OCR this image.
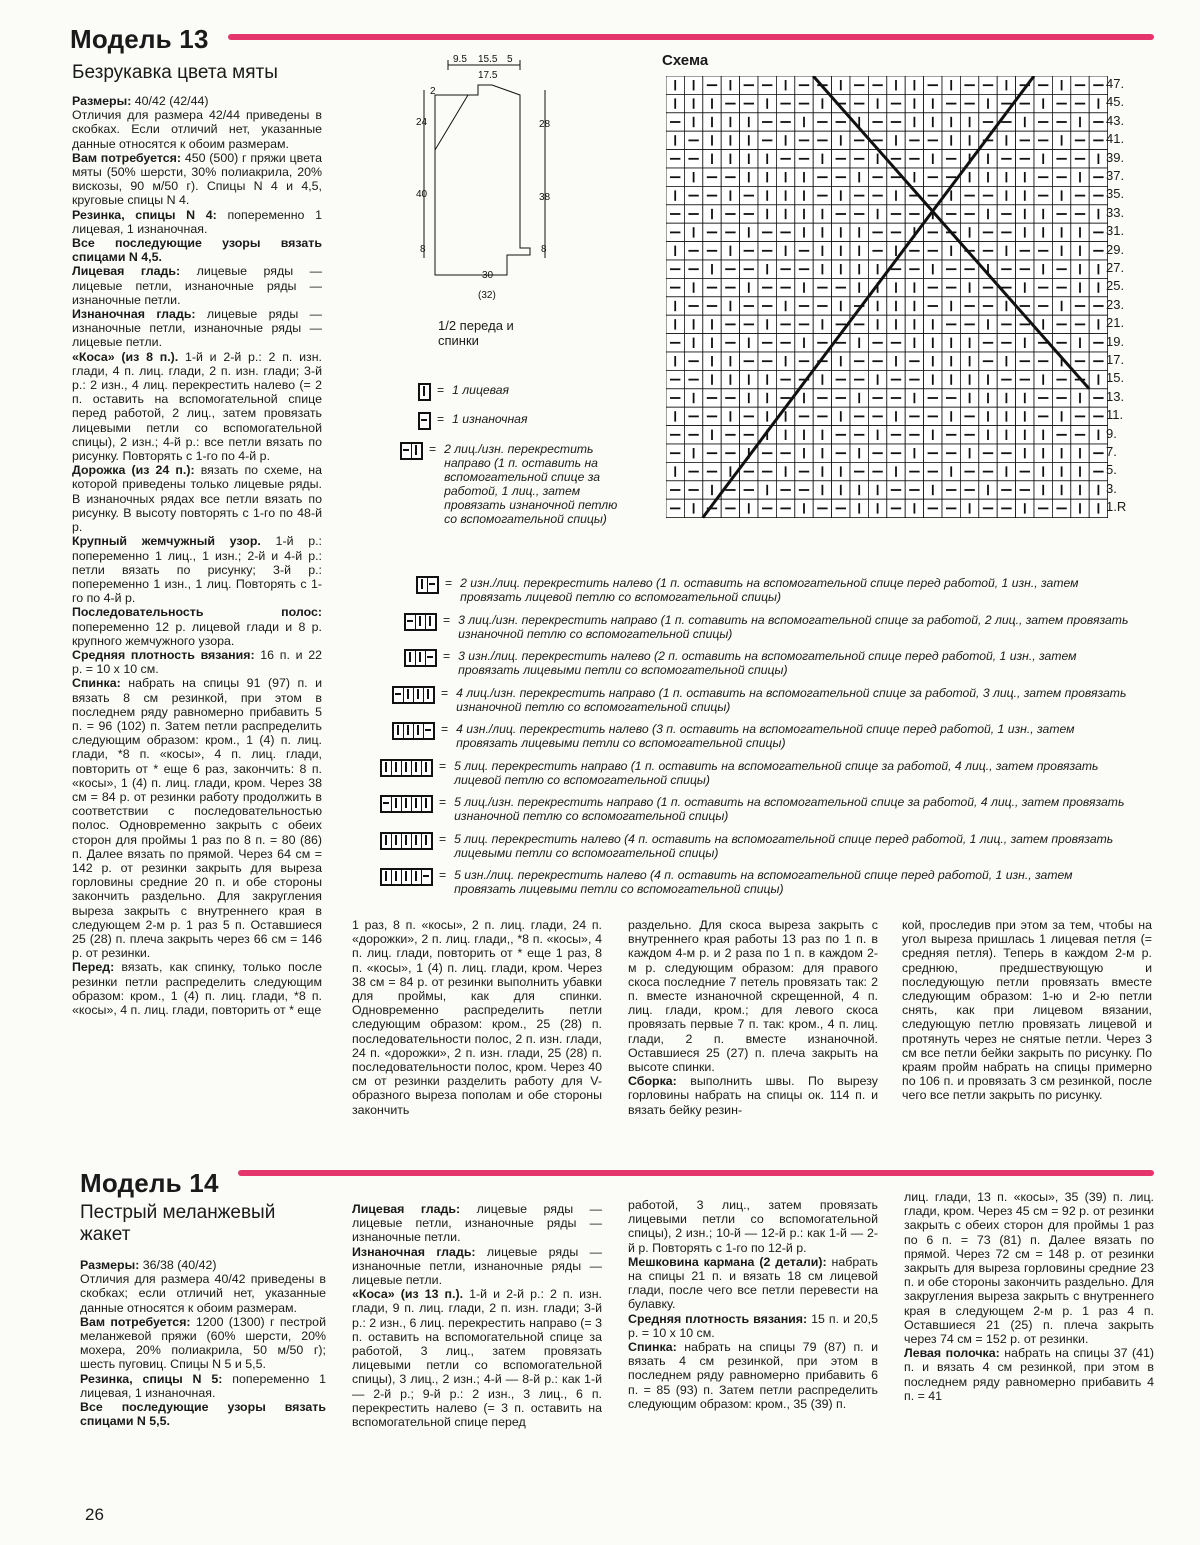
Модель 13
Безрукавка цвета мяты

Размеры: 40/42 (42/44)

Отличия для размера 42/44 приведены в скобках. Если отличий нет, указанные данные относятся к обоим размерам.

Вам потребуется: 450 (500) г пряжи цвета мяты (50% шерсти, 30% полиакрила, 20% вискозы, 90 м/50 г). Спицы N 4 и 4,5, круговые спицы N 4.

Резинка, спицы N 4: попеременно 1 лицевая, 1 изнаночная.

Все последующие узоры вязать спицами N 4,5.

Лицевая гладь: лицевые ряды — лицевые петли, изнаночные ряды — изнаночные петли.

Изнаночная гладь: лицевые ряды — изнаночные петли, изнаночные ряды — лицевые петли.

«Коса» (из 8 п.). 1-й и 2-й р.: 2 п. изн. глади, 4 п. лиц. глади, 2 п. изн. глади; 3-й р.: 2 изн., 4 лиц. перекрестить налево (= 2 п. оставить на вспомогательной спице перед работой, 2 лиц., затем провязать лицевыми петли со вспомогательной спицы), 2 изн.; 4-й р.: все петли вязать по рисунку. Повторять с 1-го по 4-й р.

Дорожка (из 24 п.): вязать по схеме, на которой приведены только лицевые ряды. В изнаночных рядах все петли вязать по рисунку. В высоту повторять с 1-го по 48-й р.

Крупный жемчужный узор. 1-й р.: попеременно 1 лиц., 1 изн.; 2-й и 4-й р.: петли вязать по рисунку; 3-й р.: попеременно 1 изн., 1 лиц. Повторять с 1-го по 4-й р.

Последовательность полос: попеременно 12 р. лицевой глади и 8 р. крупного жемчужного узора.

Средняя плотность вязания: 16 п. и 22 р. = 10 х 10 см.

Спинка: набрать на спицы 91 (97) п. и вязать 8 см резинкой, при этом в последнем ряду равномерно прибавить 5 п. = 96 (102) п. Затем петли распределить следующим образом: кром., 1 (4) п. лиц. глади, *8 п. «косы», 4 п. лиц. глади, повторить от * еще 6 раз, закончить: 8 п. «косы», 1 (4) п. лиц. глади, кром. Через 38 см = 84 р. от резинки работу продолжить в соответствии с последовательностью полос. Одновременно закрыть с обеих сторон для проймы 1 раз по 8 п. = 80 (86) п. Далее вязать по прямой. Через 64 см = 142 р. от резинки закрыть для выреза горловины средние 20 п. и обе стороны закончить раздельно. Для закругления выреза закрыть с внутреннего края в следующем 2-м р. 1 раз 5 п. Оставшиеся 25 (28) п. плеча закрыть через 66 см = 146 р. от резинки.

Перед: вязать, как спинку, только после резинки петли распределить следующим образом: кром., 1 (4) п. лиц. глади, *8 п. «косы», 4 п. лиц. глади, повторить от * еще

1 раз, 8 п. «косы», 2 п. лиц. глади, 24 п. «дорожки», 2 п. лиц. глади,, *8 п. «косы», 4 п. лиц. глади, повторить от * еще 1 раз, 8 п. «косы», 1 (4) п. лиц. глади, кром. Через 38 см = 84 р. от резинки выполнить убавки для проймы, как для спинки. Одновременно распределить петли следующим образом: кром., 25 (28) п. последовательности полос, 2 п. изн. глади, 24 п. «дорожки», 2 п. изн. глади, 25 (28) п. последовательности полос, кром. Через 40 см от резинки разделить работу для V-образного выреза пополам и обе стороны закончить

раздельно. Для скоса выреза закрыть с внутреннего края работы 13 раз по 1 п. в каждом 4-м р. и 2 раза по 1 п. в каждом 2-м р. следующим образом: для правого скоса последние 7 петель провязать так: 2 п. вместе изнаночной скрещенной, 4 п. лиц. глади, кром.; для левого скоса провязать первые 7 п. так: кром., 4 п. лиц. глади, 2 п. вместе изнаночной. Оставшиеся 25 (27) п. плеча закрыть на высоте спинки.

Сборка: выполнить швы. По вырезу горловины набрать на спицы ок. 114 п. и вязать бейку резин-

кой, проследив при этом за тем, чтобы на угол выреза пришлась 1 лицевая петля (= средняя петля). Теперь в каждом 2-м р. среднюю, предшествующую и последующую петли провязать вместе следующим образом: 1-ю и 2-ю петли снять, как при лицевом вязании, следующую петлю провязать лицевой и протянуть через не снятые петли. Через 3 см все петли бейки закрыть по рисунку. По краям пройм набрать на спицы примерно по 106 п. и провязать 3 см резинкой, после чего все петли закрыть по рисунку.

9.5 15.5 5
17.5
2
24
40
8
28
38
8
30
(32)
1/2 переда и спинки
Схема
47.
45.
43.
41.
39.
37.
35.
33.
31.
29.
27.
25.
23.
21.
19.
17.
15.
13.
11.
9.
7.
5.
3.
1.R
= 1 лицевая
= 1 изнаночная
= 2 лиц./изн. перекрестить направо (1 п. оставить на вспомогательной спице за работой, 1 лиц., затем провязать изнаночной петлю со вспомогательной спицы)
= 2 изн./лиц. перекрестить налево (1 п. оставить на вспомогательной спице перед работой, 1 изн., затем провязать лицевой петлю со вспомогательной спицы)
= 3 лиц./изн. перекрестить направо (1 п. сотавить на вспомогательной спице за работой, 2 лиц., затем провязать изнаночной петлю со вспомогательной спицы)
= 3 изн./лиц. перекрестить налево (2 п. оставить на вспомогательной спице перед работой, 1 изн., затем провязать лицевыми петли со вспомогательной спицы)
= 4 лиц./изн. перекрестить направо (1 п. оставить на вспомогательной спице за работой, 3 лиц., затем провязать изнаночной петлю со вспомогательной спицы)
= 4 изн./лиц. перекрестить налево (3 п. оставить на вспомогательной спице перед работой, 1 изн., затем провязать лицевыми петли со вспомогательной спицы)
= 5 лиц. перекрестить направо (1 п. оставить на вспомогательной спице за работой, 4 лиц., затем провязать лицевой петлю со вспомогательной спицы)
= 5 лиц./изн. перекрестить направо (1 п. оставить на вспомогательной спице за работой, 4 лиц., затем провязать изнаночной петлю со вспомогательной спицы)
= 5 лиц. перекрестить налево (4 п. оставить на вспомогательной спице перед работой, 1 лиц., затем провязать лицевыми петли со вспомогательной спицы)
= 5 изн./лиц. перекрестить налево (4 п. оставить на вспомогательной спице перед работой, 1 изн., затем провязать лицевыми петли со вспомогательной спицы)
Модель 14
Пестрый меланжевый жакет

Размеры: 36/38 (40/42)

Отличия для размера 40/42 приведены в скобках; если отличий нет, указанные данные относятся к обоим размерам.

Вам потребуется: 1200 (1300) г пестрой меланжевой пряжи (60% шерсти, 20% мохера, 20% полиакрила, 50 м/50 г); шесть пуговиц. Спицы N 5 и 5,5.

Резинка, спицы N 5: попеременно 1 лицевая, 1 изнаночная.

Все последующие узоры вязать спицами N 5,5.

Лицевая гладь: лицевые ряды — лицевые петли, изнаночные ряды — изнаночные петли.

Изнаночная гладь: лицевые ряды — изнаночные петли, изнаночные ряды — лицевые петли.

«Коса» (из 13 п.). 1-й и 2-й р.: 2 п. изн. глади, 9 п. лиц. глади, 2 п. изн. глади; 3-й р.: 2 изн., 6 лиц. перекрестить направо (= 3 п. оставить на вспомогательной спице за работой, 3 лиц., затем провязать лицевыми петли со вспомогательной спицы), 3 лиц., 2 изн.; 4-й — 8-й р.: как 1-й — 2-й р.; 9-й р.: 2 изн., 3 лиц., 6 п. перекрестить налево (= 3 п. оставить на вспомогательной спице перед

работой, 3 лиц., затем провязать лицевыми петли со вспомогательной спицы), 2 изн.; 10-й — 12-й р.: как 1-й — 2-й р. Повторять с 1-го по 12-й р.

Мешковина кармана (2 детали): набрать на спицы 21 п. и вязать 18 см лицевой глади, после чего все петли перевести на булавку.

Средняя плотность вязания: 15 п. и 20,5 р. = 10 х 10 см.

Спинка: набрать на спицы 79 (87) п. и вязать 4 см резинкой, при этом в последнем ряду равномерно прибавить 6 п. = 85 (93) п. Затем петли распределить следующим образом: кром., 35 (39) п.

лиц. глади, 13 п. «косы», 35 (39) п. лиц. глади, кром. Через 45 см = 92 р. от резинки закрыть с обеих сторон для проймы 1 раз по 6 п. = 73 (81) п. Далее вязать по прямой. Через 72 см = 148 р. от резинки закрыть для выреза горловины средние 23 п. и обе стороны закончить раздельно. Для закругления выреза закрыть с внутреннего края в следующем 2-м р. 1 раз 4 п. Оставшиеся 21 (25) п. плеча закрыть через 74 см = 152 р. от резинки.

Левая полочка: набрать на спицы 37 (41) п. и вязать 4 см резинкой, при этом в последнем ряду равномерно прибавить 4 п. = 41

26
